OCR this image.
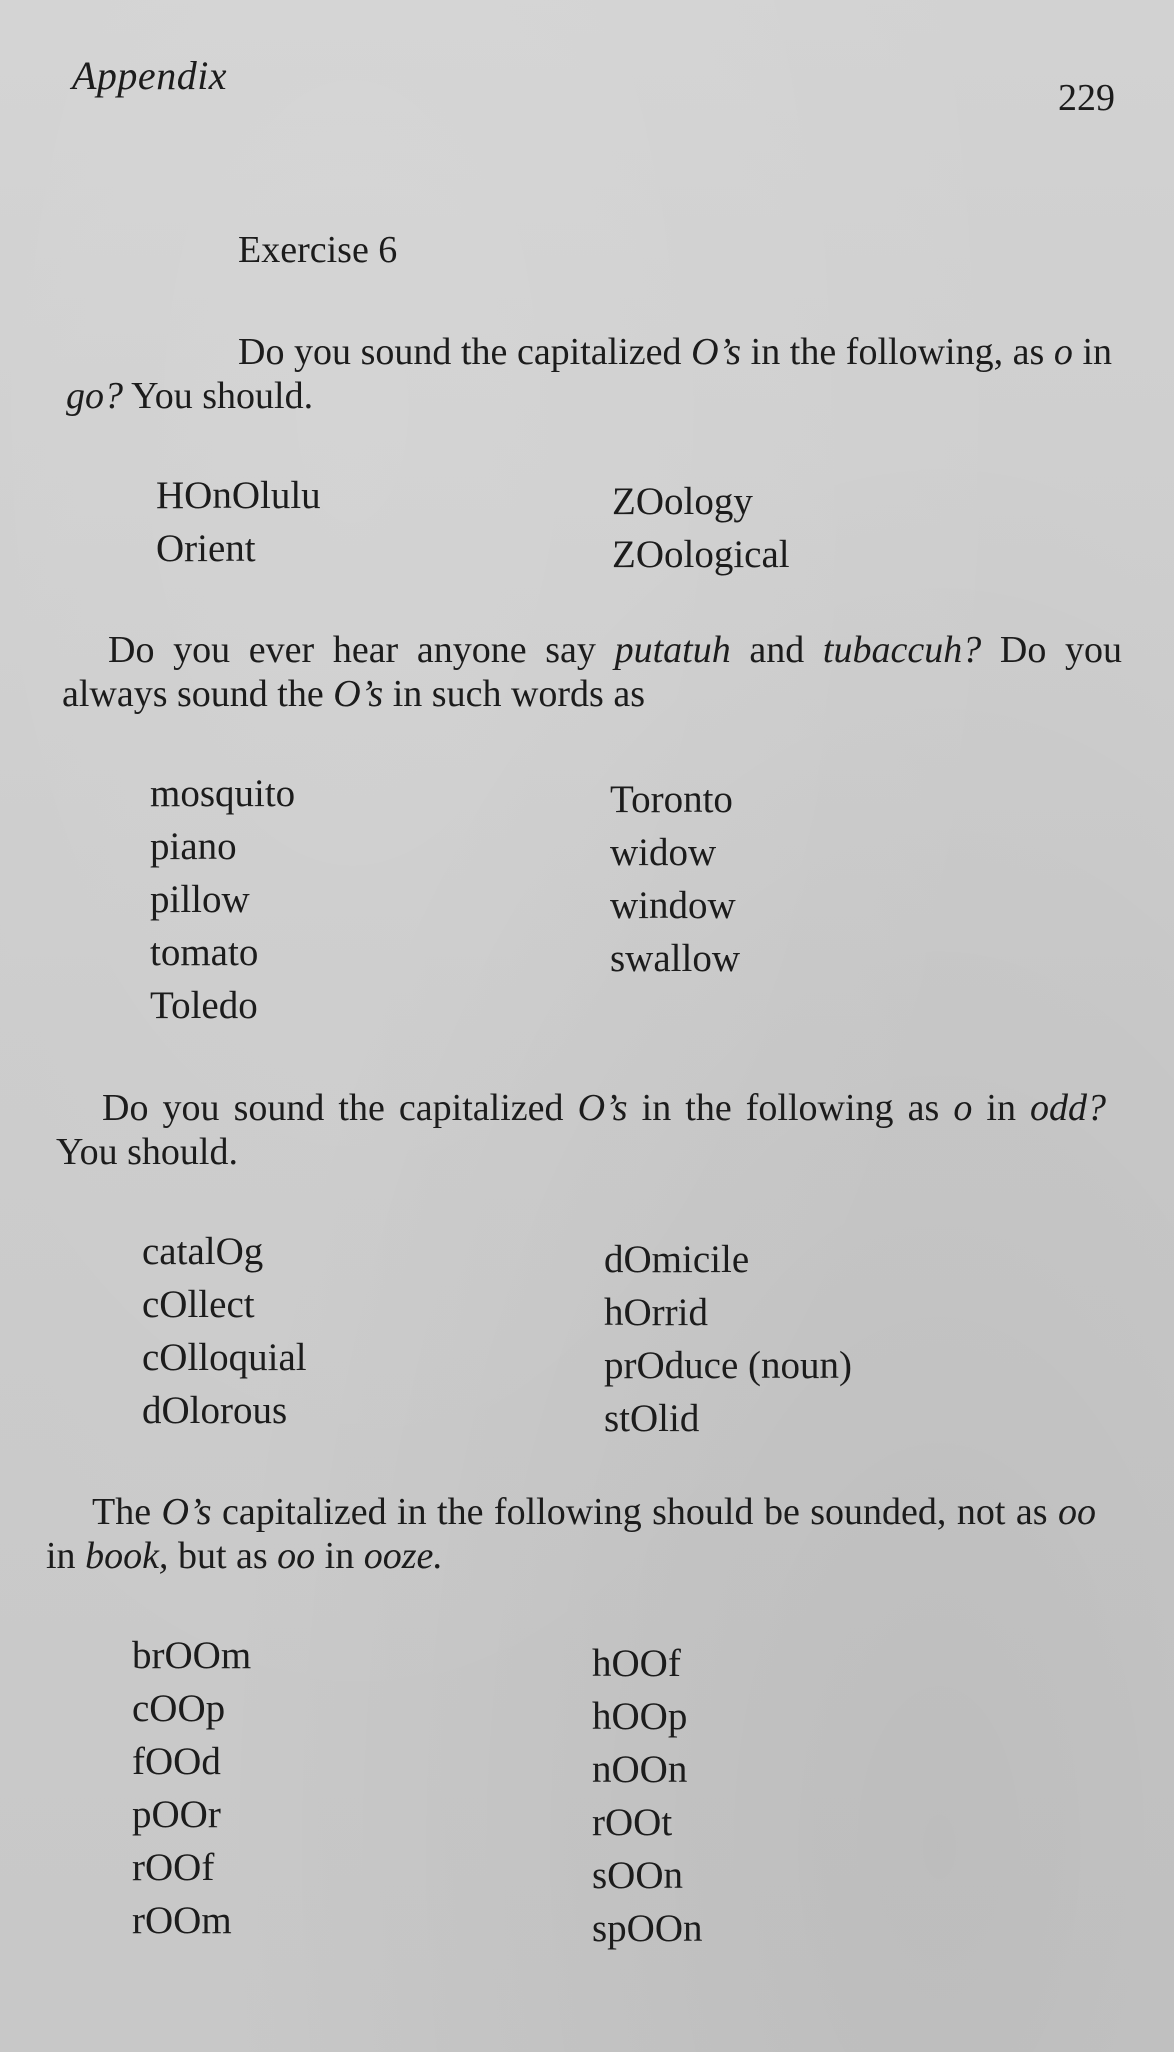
Appendix	229
Exercise 6

Do you sound the capitalized O’s in the following, as o in go? You should.

HOnOlulu
Orient
ZOology
ZOological

Do you ever hear anyone say putatuh and tubaccuh? Do you always sound the O’s in such words as

mosquito
piano
pillow
tomato
Toledo
Toronto
widow
window
swallow

Do you sound the capitalized O’s in the following as o in odd? You should.

catalOg
cOllect
cOlloquial
dOlorous
dOmicile
hOrrid
prOduce (noun)
stOlid

The O’s capitalized in the following should be sounded, not as oo in book, but as oo in ooze.

brOOm
cOOp
fOOd
pOOr
rOOf
rOOm
hOOf
hOOp
nOOn
rOOt
sOOn
spOOn
